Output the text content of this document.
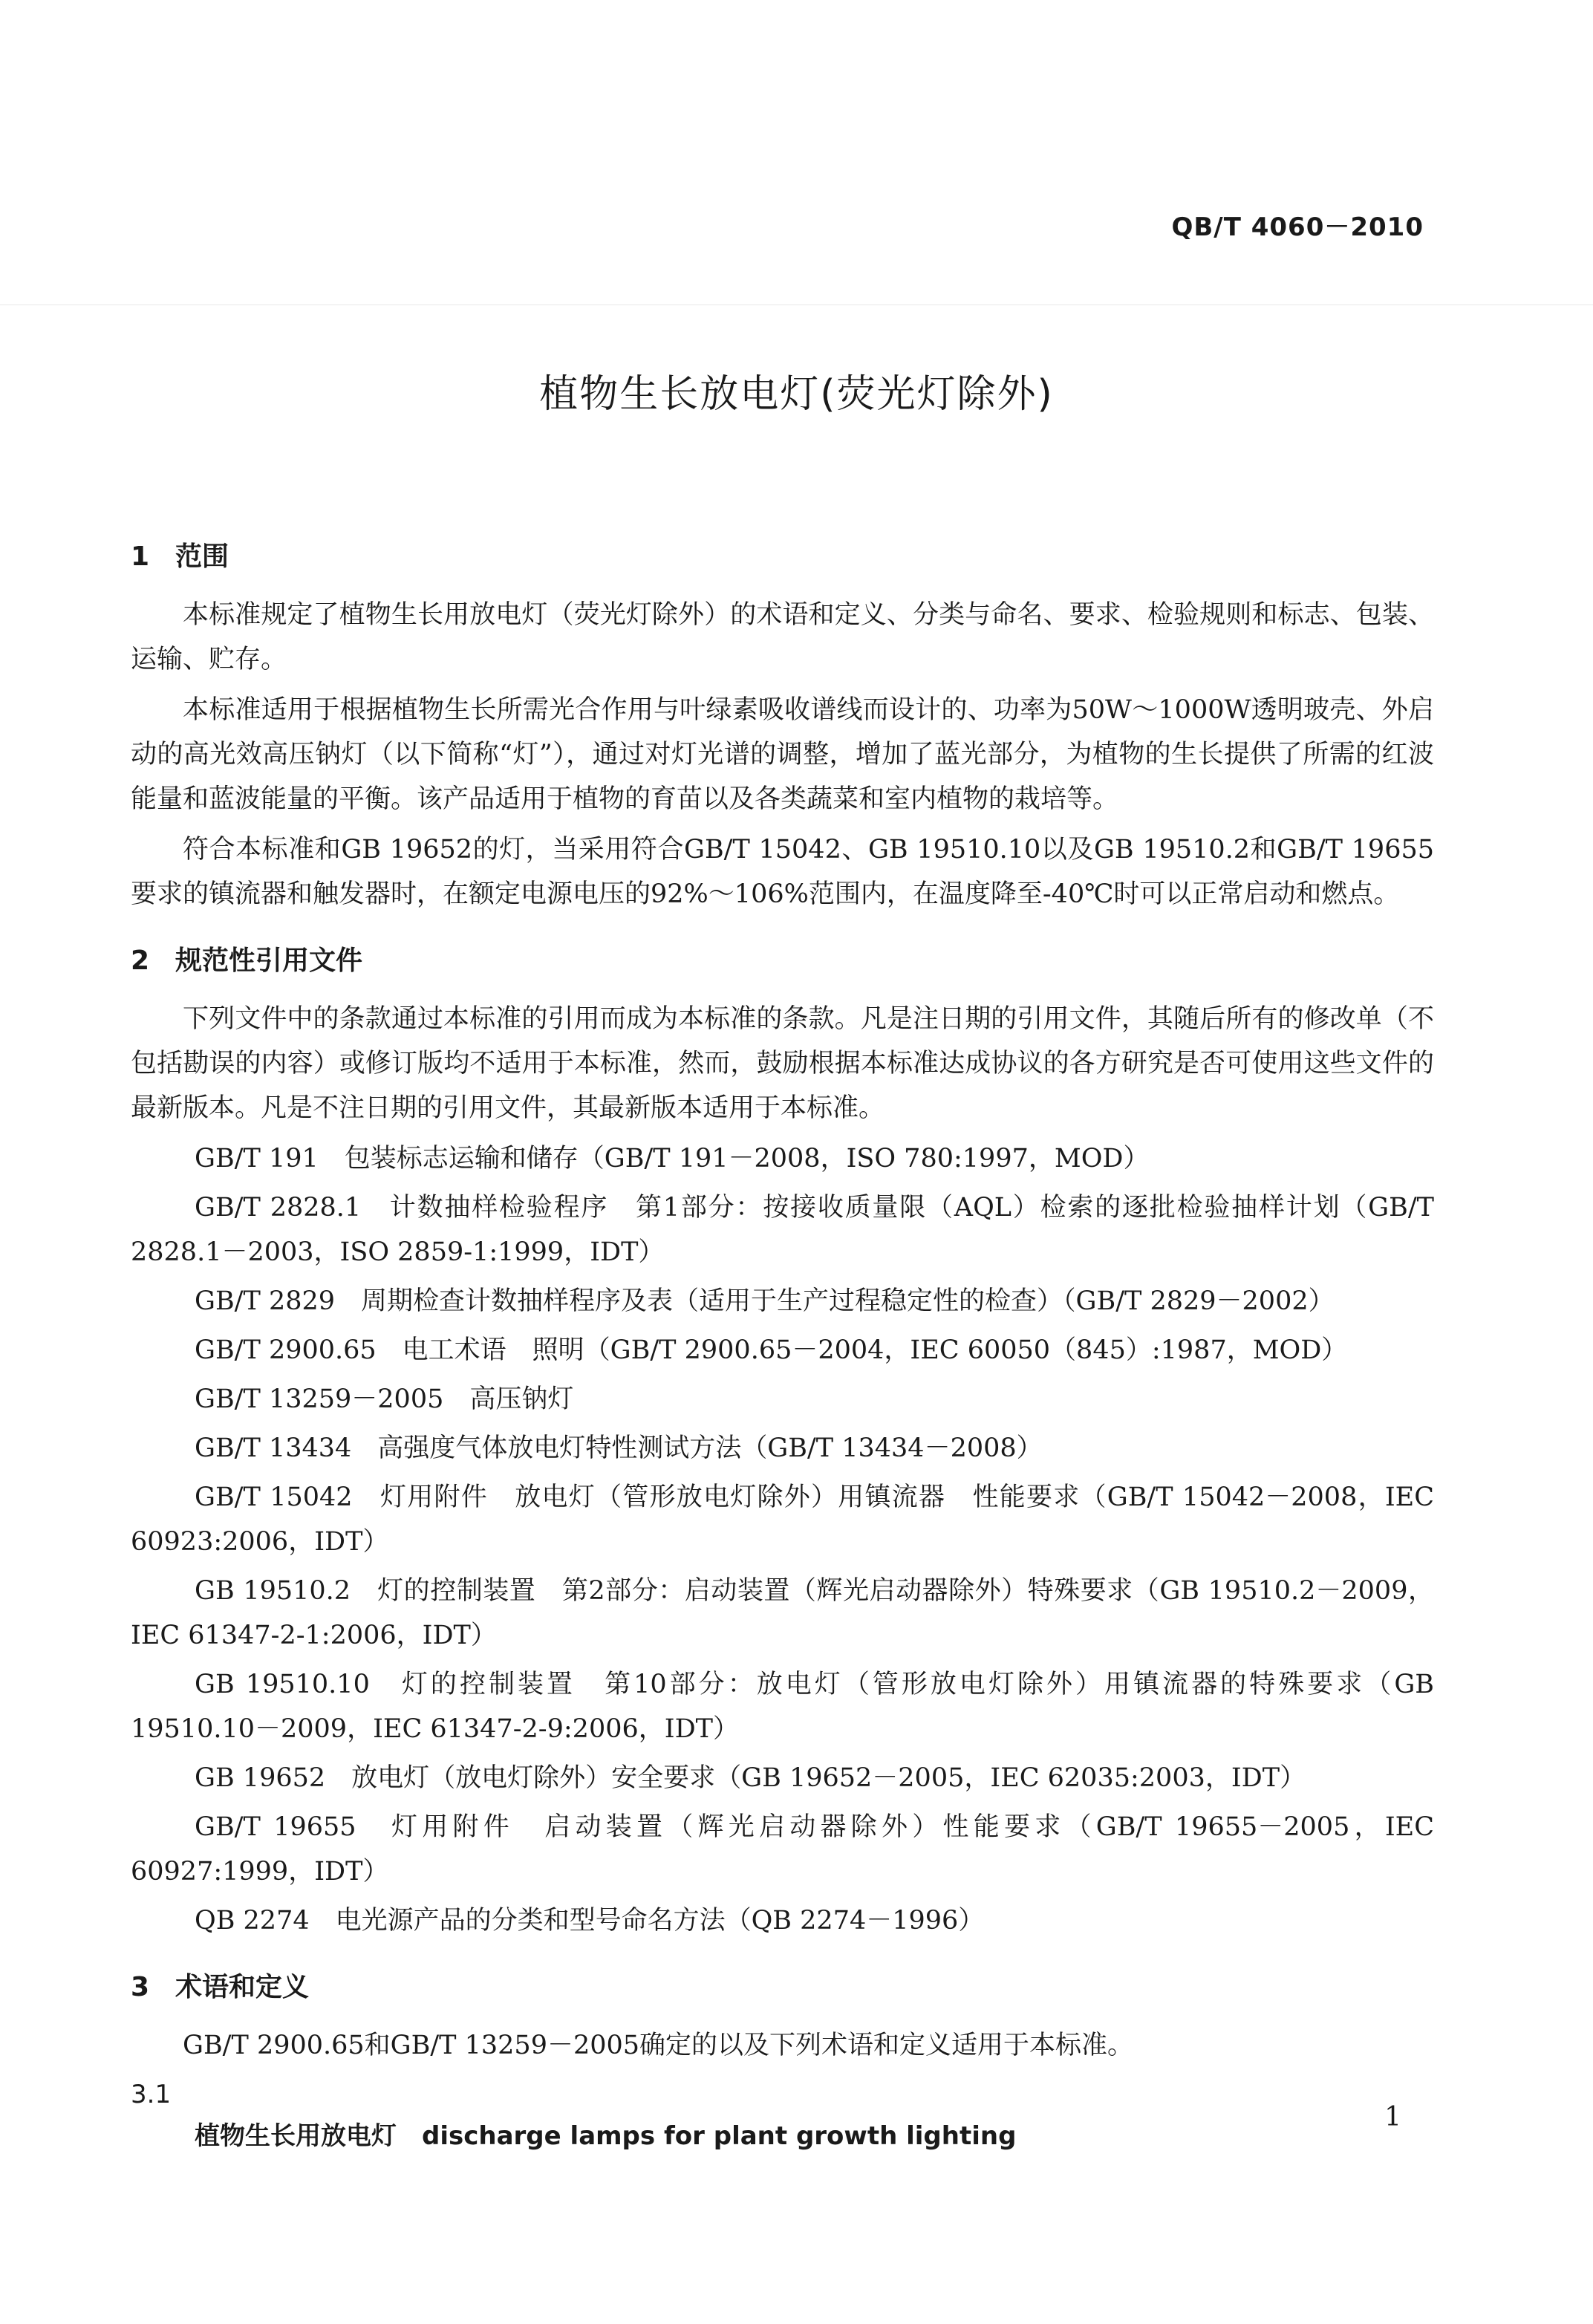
QB/T 4060－2010
植物生长放电灯(荧光灯除外)
1 范围

本标准规定了植物生长用放电灯（荧光灯除外）的术语和定义、分类与命名、要求、检验规则和标志、包装、运输、贮存。

本标准适用于根据植物生长所需光合作用与叶绿素吸收谱线而设计的、功率为50W～1000W透明玻壳、外启动的高光效高压钠灯（以下简称“灯”），通过对灯光谱的调整，增加了蓝光部分，为植物的生长提供了所需的红波能量和蓝波能量的平衡。该产品适用于植物的育苗以及各类蔬菜和室内植物的栽培等。

符合本标准和GB 19652的灯，当采用符合GB/T 15042、GB 19510.10以及GB 19510.2和GB/T 19655要求的镇流器和触发器时，在额定电源电压的92%～106%范围内，在温度降至-40℃时可以正常启动和燃点。

2 规范性引用文件

下列文件中的条款通过本标准的引用而成为本标准的条款。凡是注日期的引用文件，其随后所有的修改单（不包括勘误的内容）或修订版均不适用于本标准，然而，鼓励根据本标准达成协议的各方研究是否可使用这些文件的最新版本。凡是不注日期的引用文件，其最新版本适用于本标准。

GB/T 191　包装标志运输和储存（GB/T 191－2008，ISO 780:1997，MOD）

GB/T 2828.1　计数抽样检验程序　第1部分：按接收质量限（AQL）检索的逐批检验抽样计划（GB/T 2828.1－2003，ISO 2859-1:1999，IDT）

GB/T 2829　周期检查计数抽样程序及表（适用于生产过程稳定性的检查）（GB/T 2829－2002）

GB/T 2900.65　电工术语　照明（GB/T 2900.65－2004，IEC 60050（845）:1987，MOD）

GB/T 13259－2005　高压钠灯

GB/T 13434　高强度气体放电灯特性测试方法（GB/T 13434－2008）

GB/T 15042　灯用附件　放电灯（管形放电灯除外）用镇流器　性能要求（GB/T 15042－2008，IEC 60923:2006，IDT）

GB 19510.2　灯的控制装置　第2部分：启动装置（辉光启动器除外）特殊要求（GB 19510.2－2009，IEC 61347-2-1:2006，IDT）

GB 19510.10　灯的控制装置　第10部分：放电灯（管形放电灯除外）用镇流器的特殊要求（GB 19510.10－2009，IEC 61347-2-9:2006，IDT）

GB 19652　放电灯（放电灯除外）安全要求（GB 19652－2005，IEC 62035:2003，IDT）

GB/T 19655　灯用附件　启动装置（辉光启动器除外）性能要求（GB/T 19655－2005，IEC 60927:1999，IDT）

QB 2274　电光源产品的分类和型号命名方法（QB 2274－1996）

3 术语和定义

GB/T 2900.65和GB/T 13259－2005确定的以及下列术语和定义适用于本标准。

3.1

植物生长用放电灯　discharge lamps for plant growth lighting

1
